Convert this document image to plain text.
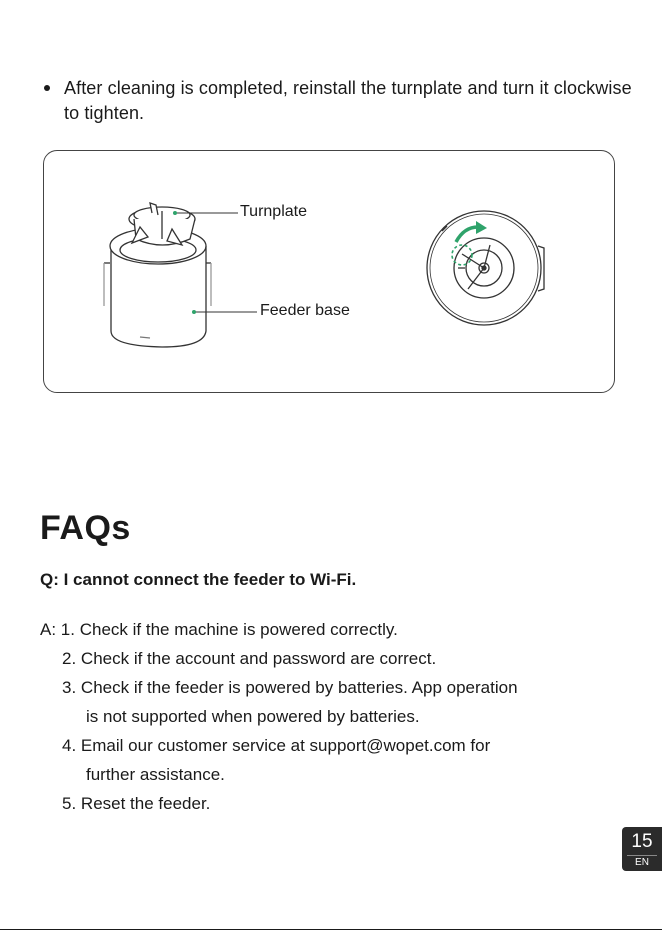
After cleaning is completed, reinstall the turnplate and turn it clockwise to tighten.
Turnplate
Feeder base
FAQs
Q: I cannot connect the feeder to Wi-Fi.
A: 1. Check if the machine is powered correctly.
2. Check if the account and password are correct.
3. Check if the feeder is powered by batteries. App operation
is not supported when powered by batteries.
4. Email our customer service at support@wopet.com for
further assistance.
5. Reset the feeder.
15
EN
